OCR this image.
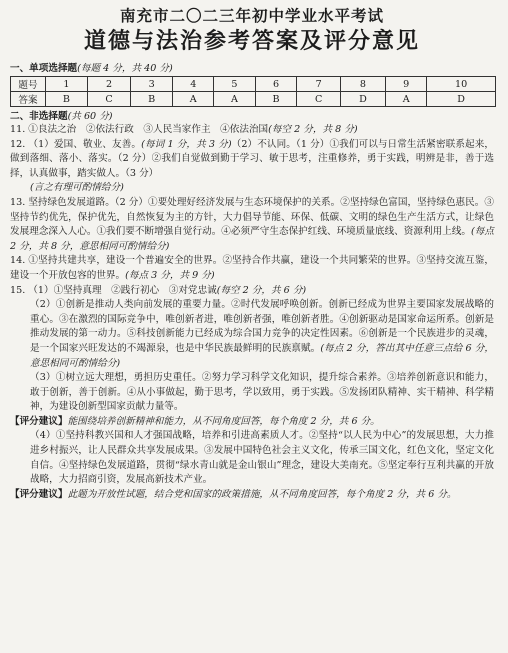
南充市二〇二三年初中学业水平考试
道德与法治参考答案及评分意见
一、单项选择题(每题 4 分，共 40 分)
题号	1	2	3	4	5	6	7	8	9	10
答案	B	C	B	A	A	B	C	D	A	D
二、非选择题(共 60 分)
11. ①良法之治　②依法行政　③人民当家作主　④依法治国(每空 2 分，共 8 分)
12. （1）爱国、敬业、友善。(每词 1 分，共 3 分)（2）不认同。（1 分）①我们可以与日常生活紧密联系起来，做到落细、落小、落实。（2 分）②我们自觉做到勤于学习、敏于思考，注重修养，勇于实践，明辨是非，善于选择，认真做事，踏实做人。（3 分）
(言之有理可酌情给分)
13. 坚持绿色发展道路。（2 分）①要处理好经济发展与生态环境保护的关系。②坚持绿色富国，坚持绿色惠民。③坚持节约优先，保护优先，自然恢复为主的方针，大力倡导节能、环保、低碳、文明的绿色生产生活方式，让绿色发展理念深入人心。①我们要不断增强自觉行动。④必须严守生态保护红线、环境质量底线、资源利用上线。(每点 2 分，共 8 分，意思相同可酌情给分)
14. ①坚持共建共享，建设一个普遍安全的世界。②坚持合作共赢，建设一个共同繁荣的世界。③坚持交流互鉴，建设一个开放包容的世界。(每点 3 分，共 9 分)
15. （1）①坚持真理　②践行初心　③对党忠诚(每空 2 分，共 6 分)
（2）①创新是推动人类向前发展的重要力量。②时代发展呼唤创新。创新已经成为世界主要国家发展战略的重心。③在激烈的国际竞争中，唯创新者进，唯创新者强，唯创新者胜。④创新驱动是国家命运所系。创新是推动发展的第一动力。⑤科技创新能力已经成为综合国力竞争的决定性因素。⑥创新是一个民族进步的灵魂，是一个国家兴旺发达的不竭源泉，也是中华民族最鲜明的民族禀赋。(每点 2 分，答出其中任意三点给 6 分，意思相同可酌情给分)
（3）①树立远大理想，勇担历史重任。②努力学习科学文化知识，提升综合素养。③培养创新意识和能力，敢于创新，善于创新。④从小事做起，勤于思考，学以致用，勇于实践。⑤发扬团队精神、实干精神、科学精神，为建设创新型国家贡献力量等。
【评分建议】能围绕培养创新精神和能力，从不同角度回答，每个角度 2 分，共 6 分。
（4）①坚持科教兴国和人才强国战略，培养和引进高素质人才。②坚持“以人民为中心”的发展思想，大力推进乡村振兴，让人民群众共享发展成果。③发展中国特色社会主义文化，传承三国文化，红色文化，坚定文化自信。④坚持绿色发展道路，贯彻“绿水青山就是金山银山”理念，建设大美南充。⑤坚定奉行互利共赢的开放战略，大力招商引资，发展高新技术产业。
【评分建议】此题为开放性试题，结合党和国家的政策措施，从不同角度回答，每个角度 2 分，共 6 分。
